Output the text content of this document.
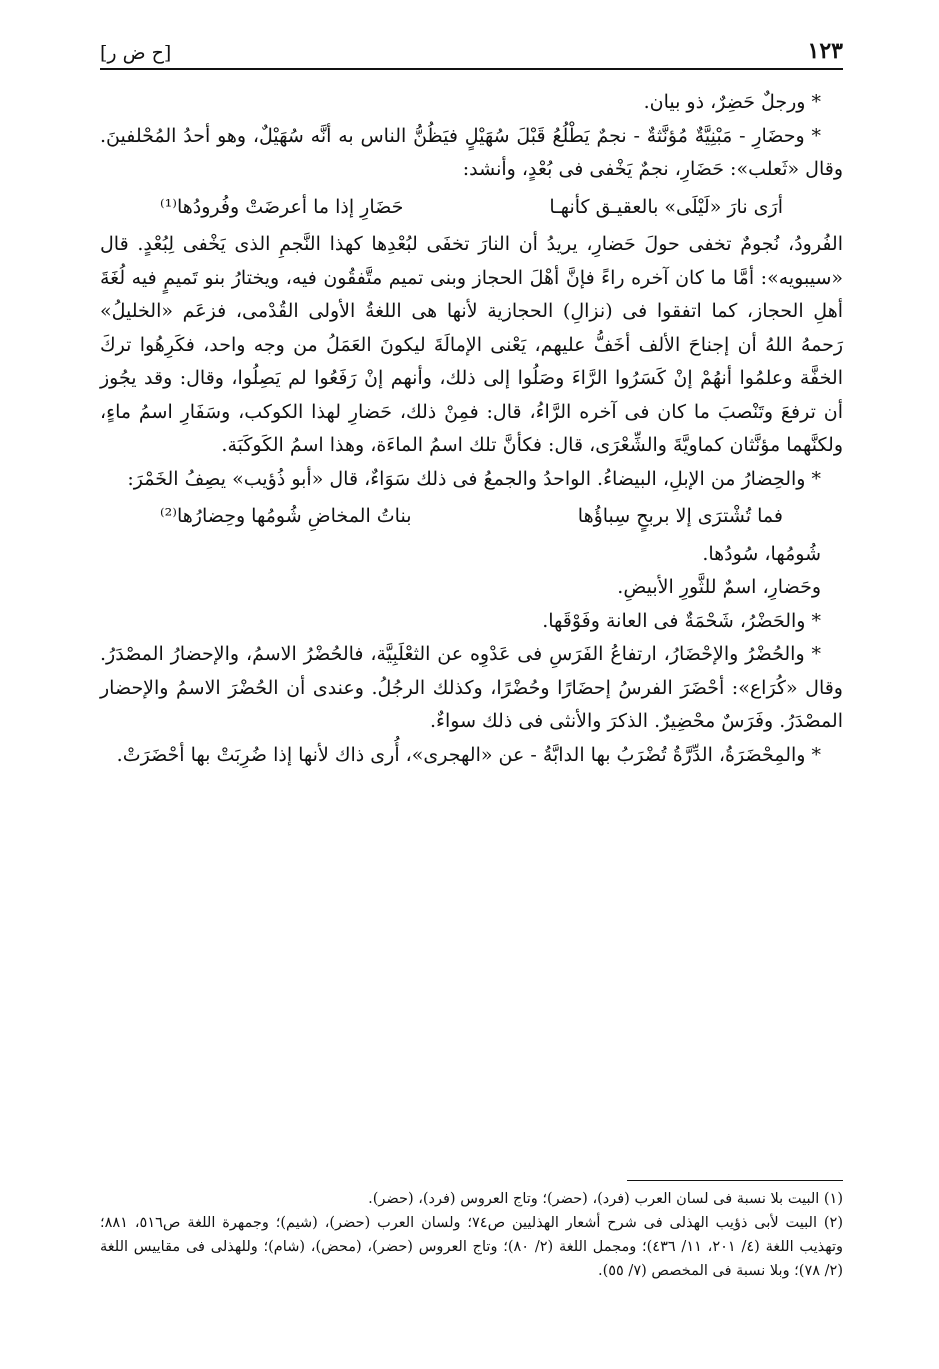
[ح ض ر]	١٢٣

* ورجلٌ حَضِرٌ، ذو بيان.

* وحضَارِ - مَبْنِيَّةٌ مُؤنَّثةٌ - نجمٌ يَطْلُعُ قَبْلَ سُهَيْلٍ فيَظُنُّ الناس به أنَّه سُهَيْلٌ، وهو أحدُ المُحْلفينَ. وقال «ثَعلب»: حَضَارِ، نجمٌ يَخْفى فى بُعْدٍ، وأنشد:

أرَى نارَ «لَيْلَى» بالعقيـق كأنهـا
حَضَارِ إذا ما أعرضَتْ وفُرودُها⁽¹⁾

الفُرودُ، نُجومٌ تخفى حولَ حَضارِ، يريدُ أن النارَ تخفَى لبُعْدِها كهذا النَّجمِ الذى يَخْفى لِبُعْدٍ. قال «سيبويه»: أمَّا ما كان آخره راءً فإنَّ أهْلَ الحجاز وبنى تميم متَّفقُون فيه، ويختارُ بنو تَميمٍ فيه لُغَةَ أهلِ الحجاز، كما اتفقوا فى (نزالِ) الحجازية لأنها هى اللغةُ الأولى القُدْمى، فزعَم «الخليلُ» رَحمهُ اللهُ أن إجناحَ الألف أخَفُّ عليهم، يَعْنى الإمالَةَ ليكونَ العَمَلُ من وجه واحد، فكَرِهُوا تركَ الخفَّة وعلمُوا أنهُمْ إنْ كَسَرُوا الرَّاءَ وصَلُوا إلى ذلك، وأنهم إنْ رَفَعُوا لم يَصِلُوا، وقال: وقد يجُوز أن ترفعَ وتَنْصبَ ما كان فى آخره الرَّاءُ، قال: فمِنْ ذلك، حَضارِ لهذا الكوكب، وسَفَارِ اسمُ ماءٍ، ولكنَّهما مؤنَّثان كماويَّةَ والشِّعْرَى، قال: فكأنَّ تلك اسمُ الماءَة، وهذا اسمُ الكَوكَبَة.

* والحِضارُ من الإبلِ، البيضاءُ. الواحدُ والجمعُ فى ذلك سَوَاءٌ، قال «أبو ذُؤيب» يصِفُ الخَمْرَ:

فما تُشْترَى إلا بربحٍ سِباؤُها
بناتُ المخاضِ شُومُها وحِضارُها⁽²⁾

شُومُها، سُودُها.

وحَضارِ، اسمٌ للثَّورِ الأبيضِ.

* والحَضْرُ، شَحْمَةٌ فى العانة وفَوْقَها.

* والحُضْرُ والإحْضَارُ، ارتفاعُ الفَرَسِ فى عَدْوِه عن الثعْلَبِيَّة، فالحُضْرُ الاسمُ، والإحضارُ المصْدَرُ. وقال «كُرَاع»: أحْضَرَ الفرسُ إحضَارًا وحُضْرًا، وكذلك الرجُلُ. وعندى أن الحُضْرَ الاسمُ والإحضار المصْدَرُ. وفَرَسٌ محْضِيرٌ. الذكرَ والأنثى فى ذلك سواءٌ.

* والمِحْضَرَةُ، الدِّرَّةُ تُضْرَبُ بها الدابَّةُ - عن «الهجرى»، أُرى ذاك لأنها إذا ضُرِبَتْ بها أحْضَرَتْ.

(١) البيت بلا نسبة فى لسان العرب (فرد)، (حضر)؛ وتاج العروس (فرد)، (حضر).

(٢) البيت لأبى ذؤيب الهذلى فى شرح أشعار الهذليين ص٧٤؛ ولسان العرب (حضر)، (شيم)؛ وجمهرة اللغة ص٥١٦، ٨٨١؛ وتهذيب اللغة (٤/ ٢٠١، ١١/ ٤٣٦)؛ ومجمل اللغة (٢/ ٨٠)؛ وتاج العروس (حضر)، (محض)، (شام)؛ وللهذلى فى مقاييس اللغة (٢/ ٧٨)؛ وبلا نسبة فى المخصص (٧/ ٥٥).
